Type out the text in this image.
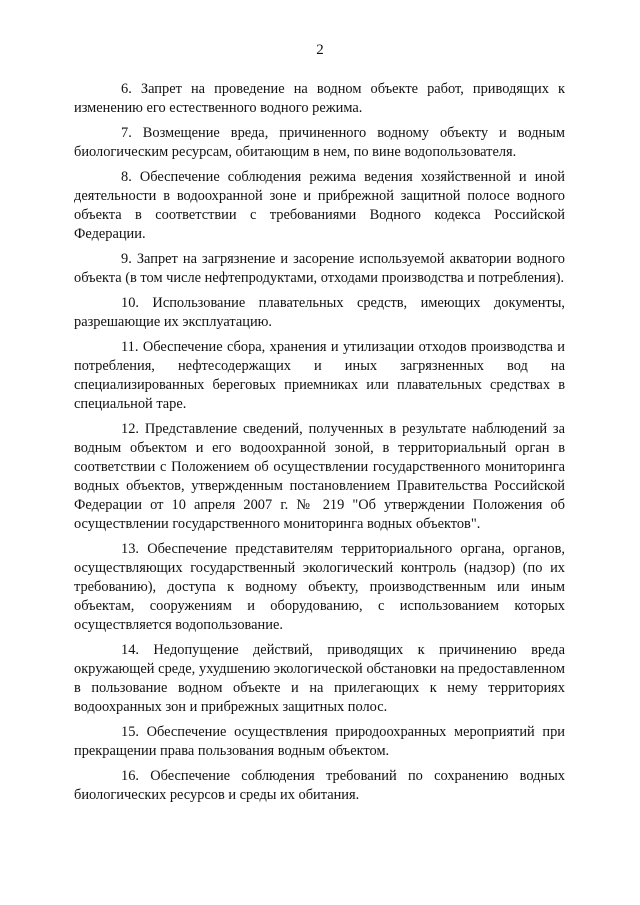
2

6. Запрет на проведение на водном объекте работ, приводящих к изменению его естественного водного режима.

7. Возмещение вреда, причиненного водному объекту и водным биологическим ресурсам, обитающим в нем, по вине водопользователя.

8. Обеспечение соблюдения режима ведения хозяйственной и иной деятельности в водоохранной зоне и прибрежной защитной полосе водного объекта в соответствии с требованиями Водного кодекса Российской Федерации.

9. Запрет на загрязнение и засорение используемой акватории водного объекта (в том числе нефтепродуктами, отходами производства и потребления).

10. Использование плавательных средств, имеющих документы, разрешающие их эксплуатацию.

11. Обеспечение сбора, хранения и утилизации отходов производства и потребления, нефтесодержащих и иных загрязненных вод на специализированных береговых приемниках или плавательных средствах в специальной таре.

12. Представление сведений, полученных в результате наблюдений за водным объектом и его водоохранной зоной, в территориальный орган в соответствии с Положением об осуществлении государственного мониторинга водных объектов, утвержденным постановлением Правительства Российской Федерации от 10 апреля 2007 г. № 219 "Об утверждении Положения об осуществлении государственного мониторинга водных объектов".

13. Обеспечение представителям территориального органа, органов, осуществляющих государственный экологический контроль (надзор) (по их требованию), доступа к водному объекту, производственным или иным объектам, сооружениям и оборудованию, с использованием которых осуществляется водопользование.

14. Недопущение действий, приводящих к причинению вреда окружающей среде, ухудшению экологической обстановки на предоставленном в пользование водном объекте и на прилегающих к нему территориях водоохранных зон и прибрежных защитных полос.

15. Обеспечение осуществления природоохранных мероприятий при прекращении права пользования водным объектом.

16. Обеспечение соблюдения требований по сохранению водных биологических ресурсов и среды их обитания.
